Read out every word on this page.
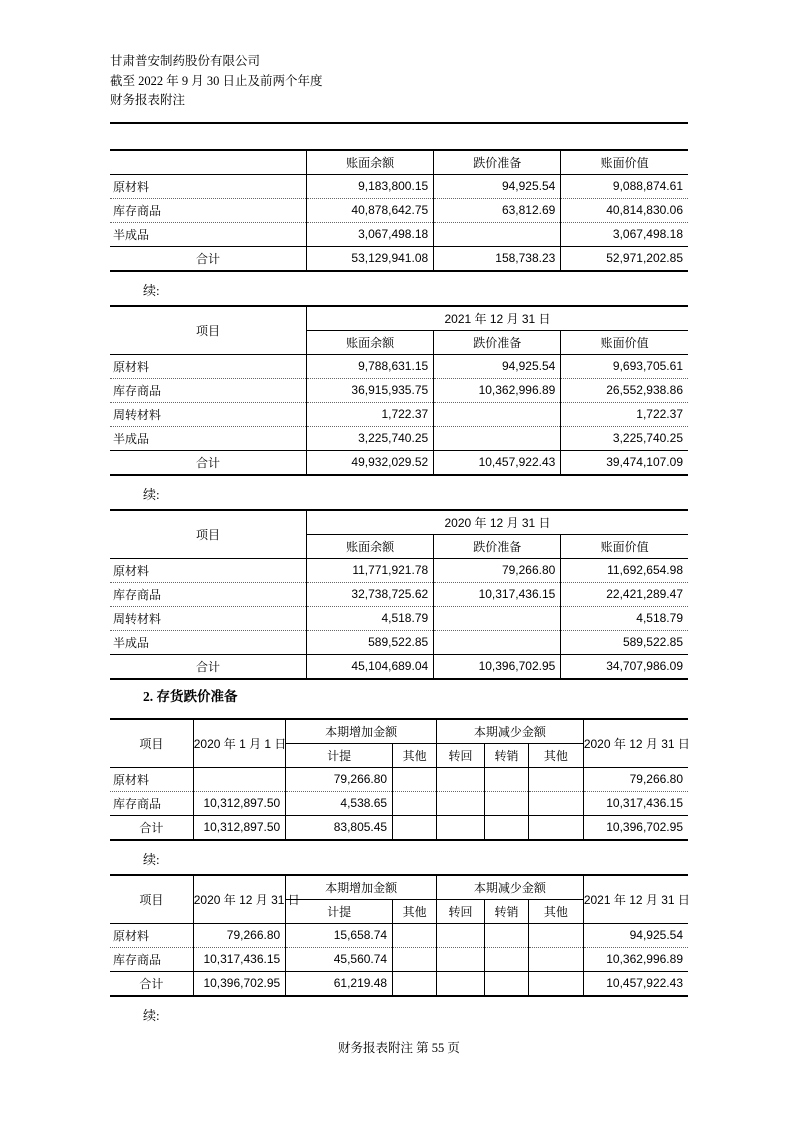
甘肃普安制药股份有限公司
截至 2022 年 9 月 30 日止及前两个年度
财务报表附注
	账面余额	跌价准备	账面价值
原材料	9,183,800.15	94,925.54	9,088,874.61
库存商品	40,878,642.75	63,812.69	40,814,830.06
半成品	3,067,498.18		3,067,498.18
合计	53,129,941.08	158,738.23	52,971,202.85
续:
项目	2021 年 12 月 31 日		
	账面余额	跌价准备	账面价值
原材料	9,788,631.15	94,925.54	9,693,705.61
库存商品	36,915,935.75	10,362,996.89	26,552,938.86
周转材料	1,722.37		1,722.37
半成品	3,225,740.25		3,225,740.25
合计	49,932,029.52	10,457,922.43	39,474,107.09
续:
项目	2020 年 12 月 31 日		
	账面余额	跌价准备	账面价值
原材料	11,771,921.78	79,266.80	11,692,654.98
库存商品	32,738,725.62	10,317,436.15	22,421,289.47
周转材料	4,518.79		4,518.79
半成品	589,522.85		589,522.85
合计	45,104,689.04	10,396,702.95	34,707,986.09
2. 存货跌价准备
项目	2020 年 1 月 1 日	本期增加金额		本期减少金额			2020 年 12 月 31 日
		计提	其他	转回	转销	其他	
原材料		79,266.80					79,266.80
库存商品	10,312,897.50	4,538.65					10,317,436.15
合计	10,312,897.50	83,805.45					10,396,702.95
续:
项目	2020 年 12 月 31 日	本期增加金额		本期减少金额			2021 年 12 月 31 日
		计提	其他	转回	转销	其他	
原材料	79,266.80	15,658.74					94,925.54
库存商品	10,317,436.15	45,560.74					10,362,996.89
合计	10,396,702.95	61,219.48					10,457,922.43
续:
财务报表附注 第 55 页
